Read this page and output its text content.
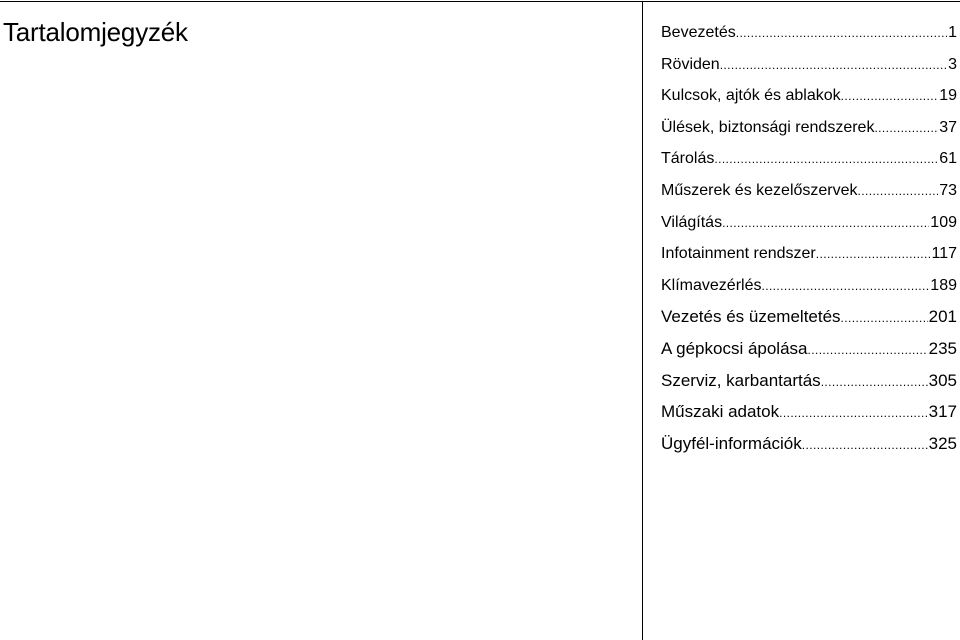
Tartalomjegyzék	Bevezetés .....	1
Röviden .....	3
Kulcsok, ajtók és ablakok .....	19
Ülések, biztonsági rendszerek .....	37
Tárolás .....	61
Műszerek és kezelőszervek .....	73
Világítás .....	109
Infotainment rendszer .....	117
Klímavezérlés .....	189
Vezetés és üzemeltetés .....	201
A gépkocsi ápolása .....	235
Szerviz, karbantartás .....	305
Műszaki adatok .....	317
Ügyfél-információk .....	325
